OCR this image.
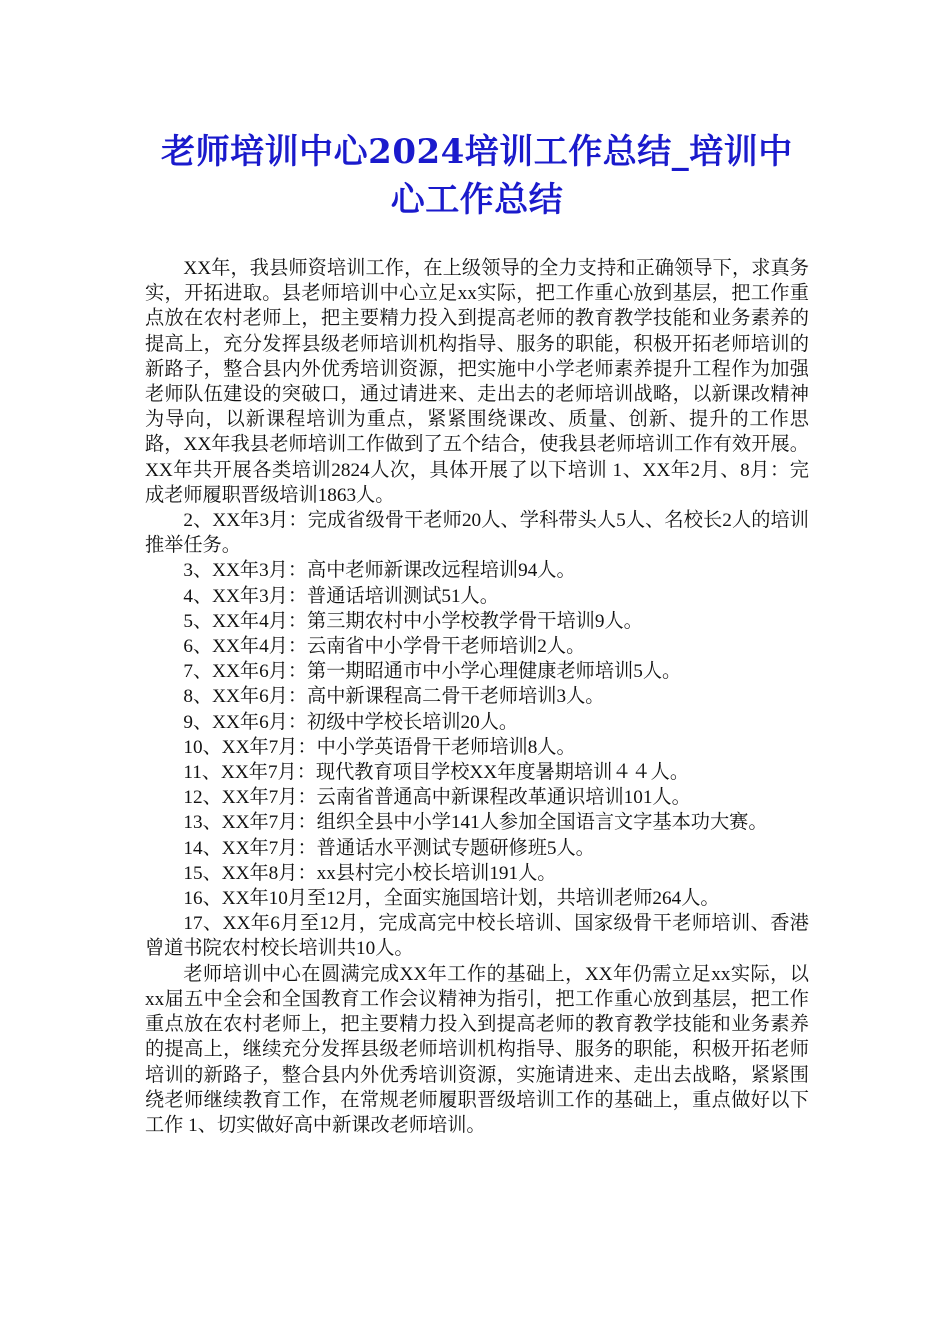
老师培训中心2024培训工作总结_培训中心工作总结

XX年，我县师资培训工作，在上级领导的全力支持和正确领导下，求真务实，开拓进取。县老师培训中心立足xx实际，把工作重心放到基层，把工作重点放在农村老师上，把主要精力投入到提高老师的教育教学技能和业务素养的提高上，充分发挥县级老师培训机构指导、服务的职能，积极开拓老师培训的新路子，整合县内外优秀培训资源，把实施中小学老师素养提升工程作为加强老师队伍建设的突破口，通过请进来、走出去的老师培训战略，以新课改精神为导向，以新课程培训为重点，紧紧围绕课改、质量、创新、提升的工作思路，XX年我县老师培训工作做到了五个结合，使我县老师培训工作有效开展。XX年共开展各类培训2824人次，具体开展了以下培训 1、XX年2月、8月：完成老师履职晋级培训1863人。

2、XX年3月：完成省级骨干老师20人、学科带头人5人、名校长2人的培训推举任务。

3、XX年3月：高中老师新课改远程培训94人。

4、XX年3月：普通话培训测试51人。

5、XX年4月：第三期农村中小学校教学骨干培训9人。

6、XX年4月：云南省中小学骨干老师培训2人。

7、XX年6月：第一期昭通市中小学心理健康老师培训5人。

8、XX年6月：高中新课程高二骨干老师培训3人。

9、XX年6月：初级中学校长培训20人。

10、XX年7月：中小学英语骨干老师培训8人。

11、XX年7月：现代教育项目学校XX年度暑期培训４４人。

12、XX年7月：云南省普通高中新课程改革通识培训101人。

13、XX年7月：组织全县中小学141人参加全国语言文字基本功大赛。

14、XX年7月：普通话水平测试专题研修班5人。

15、XX年8月：xx县村完小校长培训191人。

16、XX年10月至12月，全面实施国培计划，共培训老师264人。

17、XX年6月至12月，完成高完中校长培训、国家级骨干老师培训、香港曾道书院农村校长培训共10人。

老师培训中心在圆满完成XX年工作的基础上，XX年仍需立足xx实际，以xx届五中全会和全国教育工作会议精神为指引，把工作重心放到基层，把工作重点放在农村老师上，把主要精力投入到提高老师的教育教学技能和业务素养的提高上，继续充分发挥县级老师培训机构指导、服务的职能，积极开拓老师培训的新路子，整合县内外优秀培训资源，实施请进来、走出去战略，紧紧围绕老师继续教育工作，在常规老师履职晋级培训工作的基础上，重点做好以下工作 1、切实做好高中新课改老师培训。
